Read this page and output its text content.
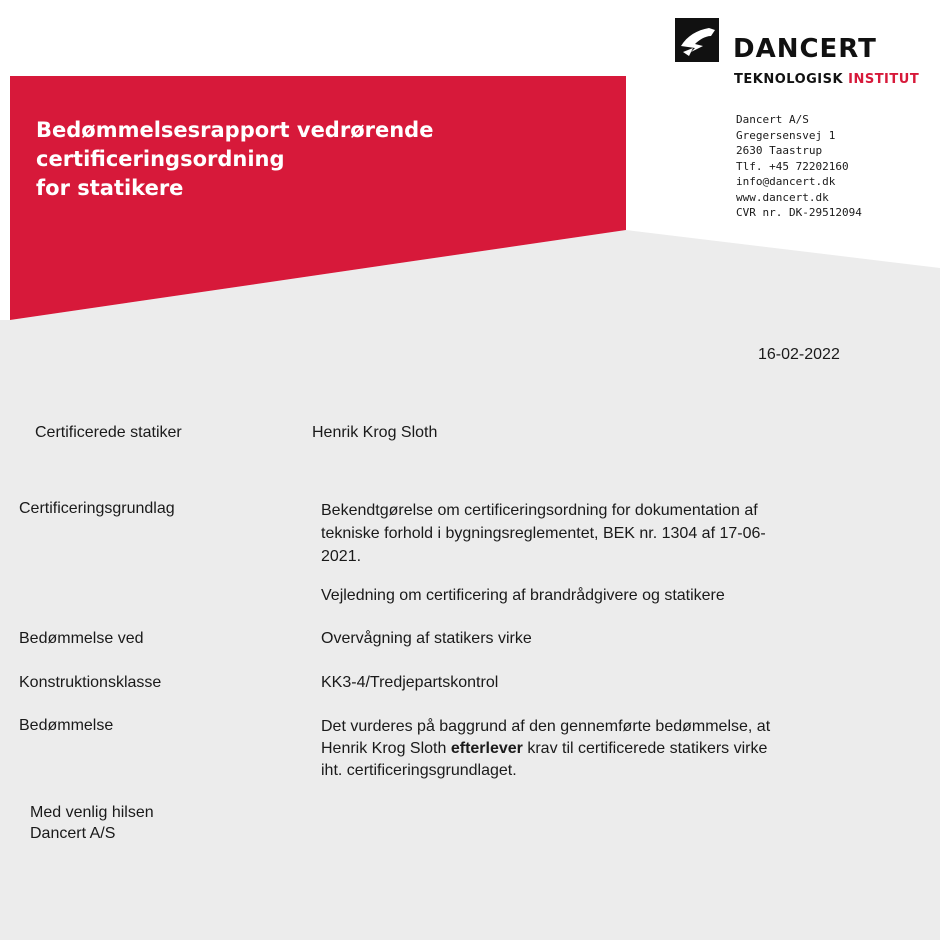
Bedømmelsesrapport vedrørende
certificeringsordning
for statikere
DANCERT
TEKNOLOGISK INSTITUT
Dancert A/S
Gregersensvej 1
2630 Taastrup
Tlf. +45 72202160
info@dancert.dk
www.dancert.dk
CVR nr. DK-29512094
16-02-2022
Certificerede statiker	Henrik Krog Sloth
Certificeringsgrundlag	Bekendtgørelse om certificeringsordning for dokumentation af
tekniske forhold i bygningsreglementet, BEK nr. 1304 af 17-06-
2021.
Vejledning om certificering af brandrådgivere og statikere
Bedømmelse ved	Overvågning af statikers virke
Konstruktionsklasse	KK3-4/Tredjepartskontrol
Bedømmelse	Det vurderes på baggrund af den gennemførte bedømmelse, at
Henrik Krog Sloth efterlever krav til certificerede statikers virke
iht. certificeringsgrundlaget.
Med venlig hilsen
Dancert A/S
